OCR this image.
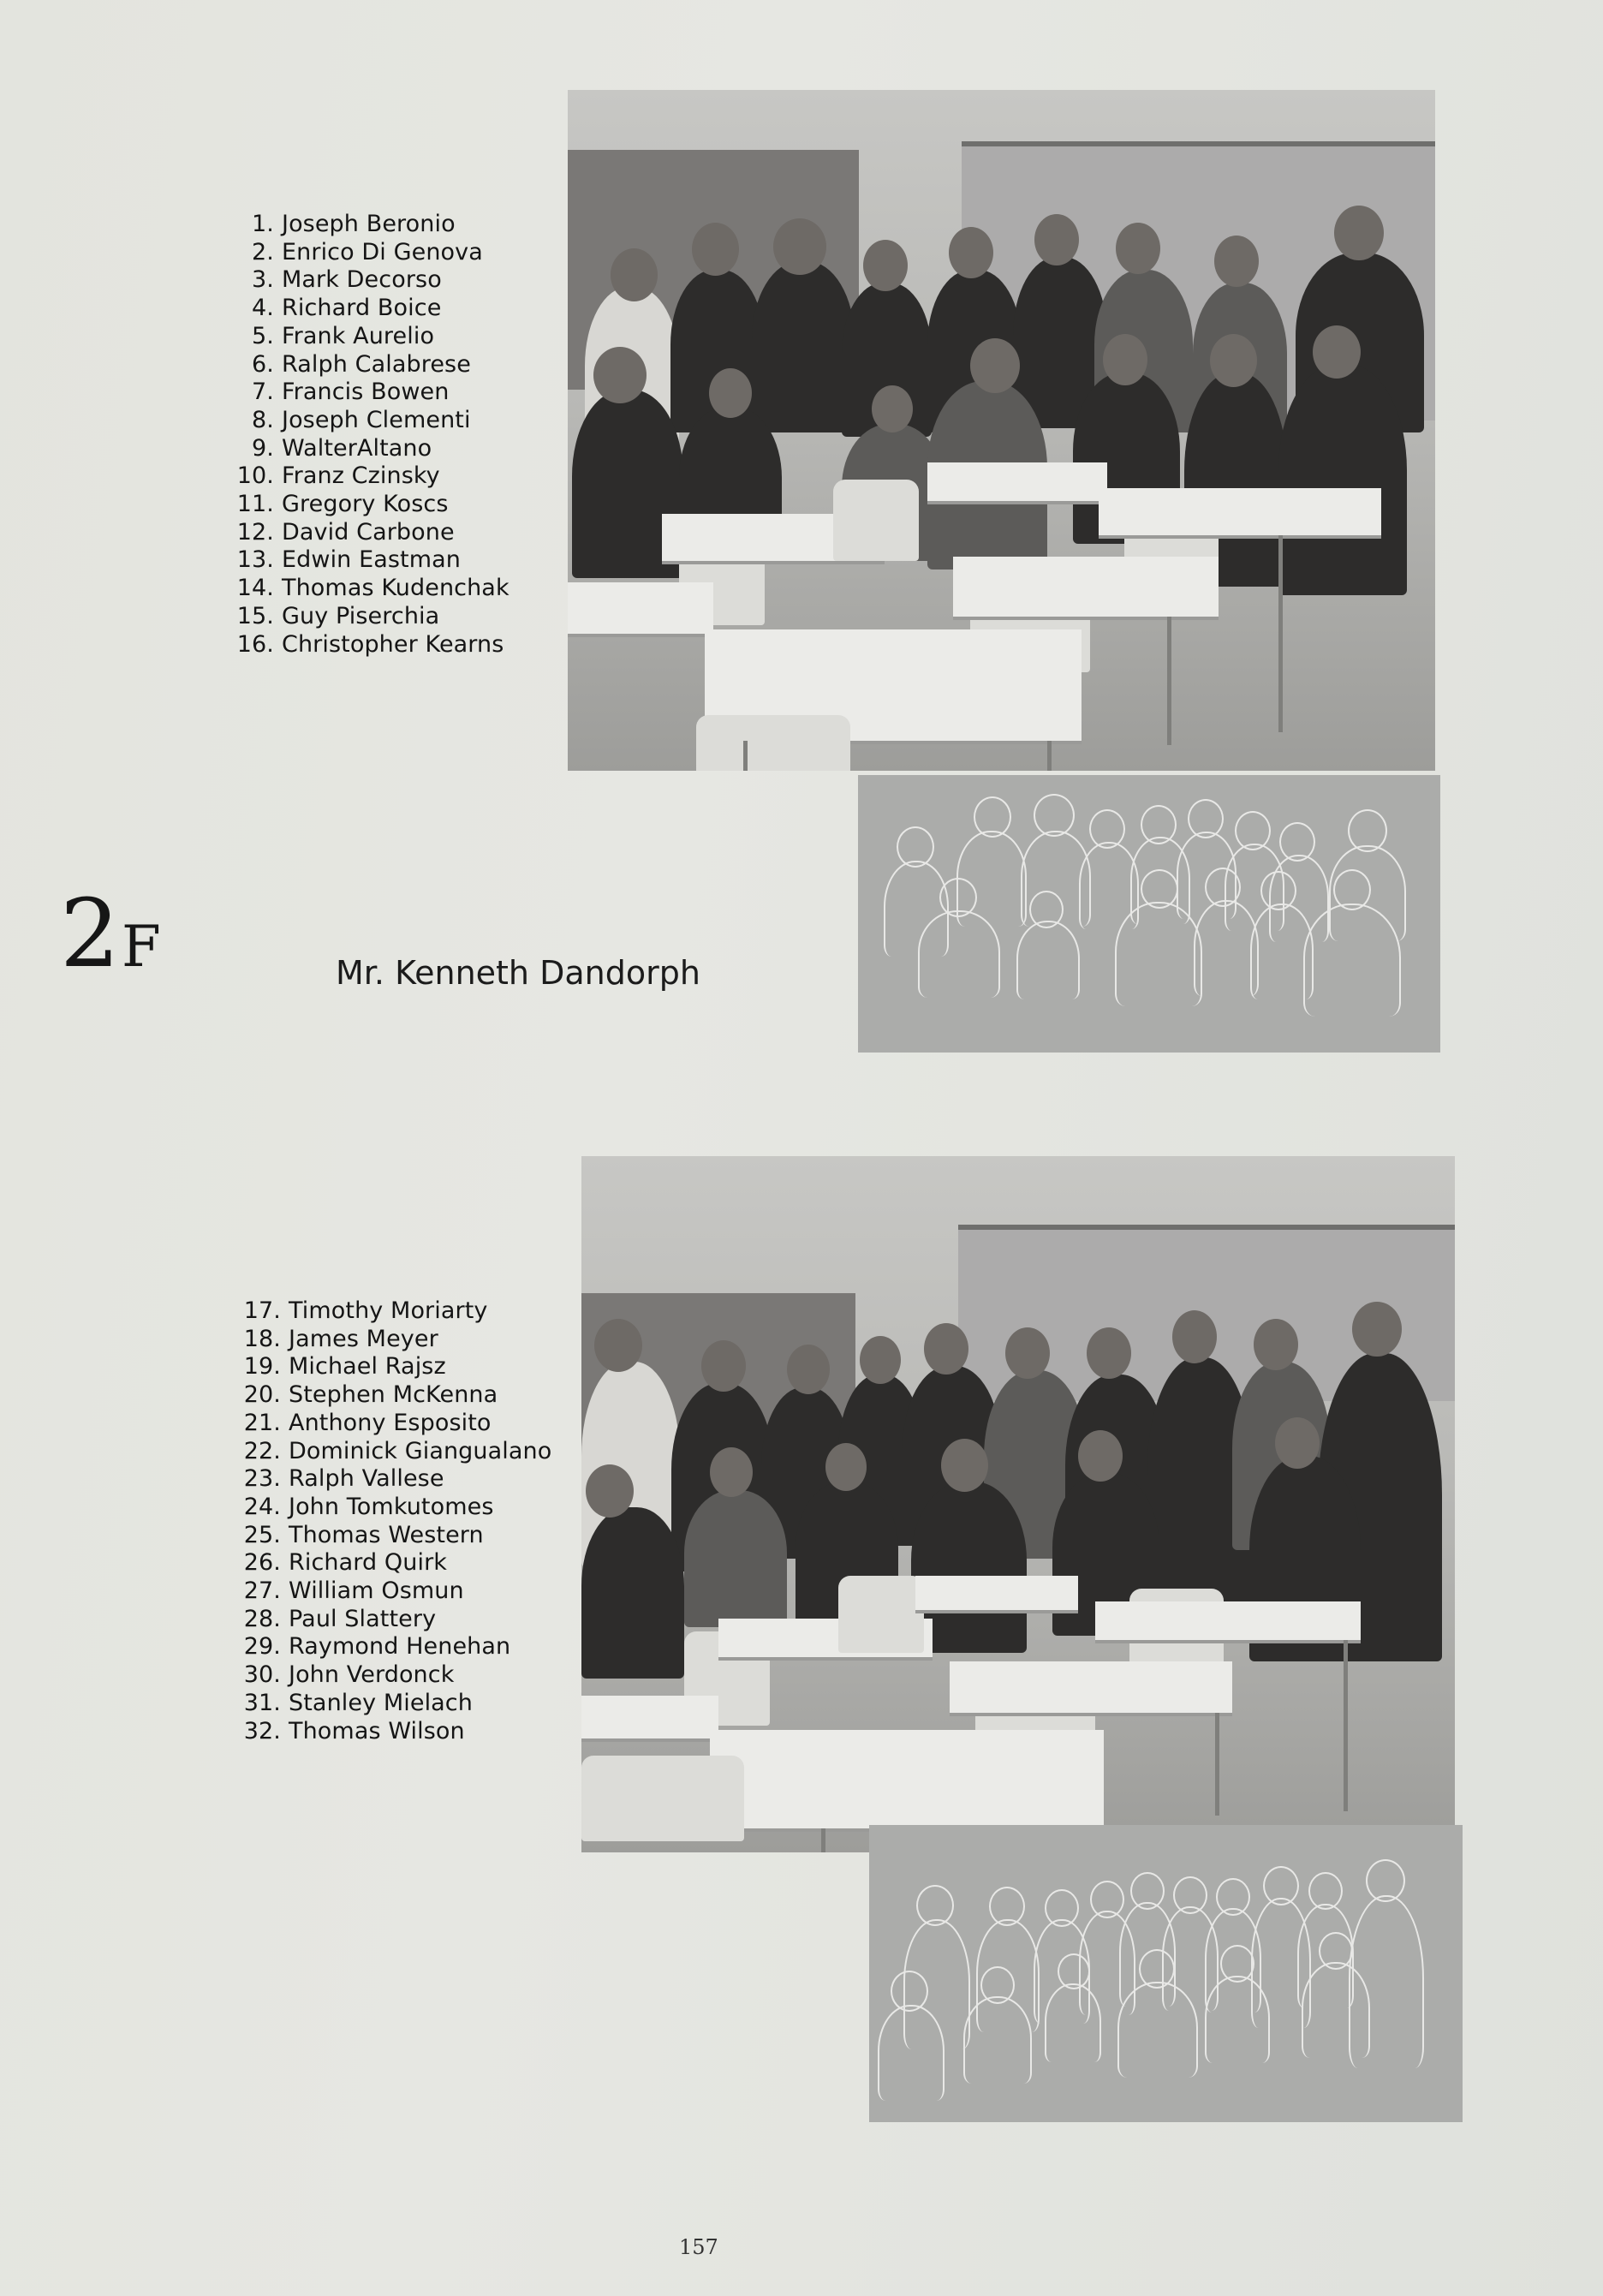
1. Joseph Beronio
2. Enrico Di Genova
3. Mark Decorso
4. Richard Boice
5. Frank Aurelio
6. Ralph Calabrese
7. Francis Bowen
8. Joseph Clementi
9. WalterAltano
10. Franz Czinsky
11. Gregory Koscs
12. David Carbone
13. Edwin Eastman
14. Thomas Kudenchak
15. Guy Piserchia
16. Christopher Kearns
2 F	Mr. Kenneth Dandorph
17. Timothy Moriarty
18. James Meyer
19. Michael Rajsz
20. Stephen McKenna
21. Anthony Esposito
22. Dominick Giangualano
23. Ralph Vallese
24. John Tomkutomes
25. Thomas Western
26. Richard Quirk
27. William Osmun
28. Paul Slattery
29. Raymond Henehan
30. John Verdonck
31. Stanley Mielach
32. Thomas Wilson
157
